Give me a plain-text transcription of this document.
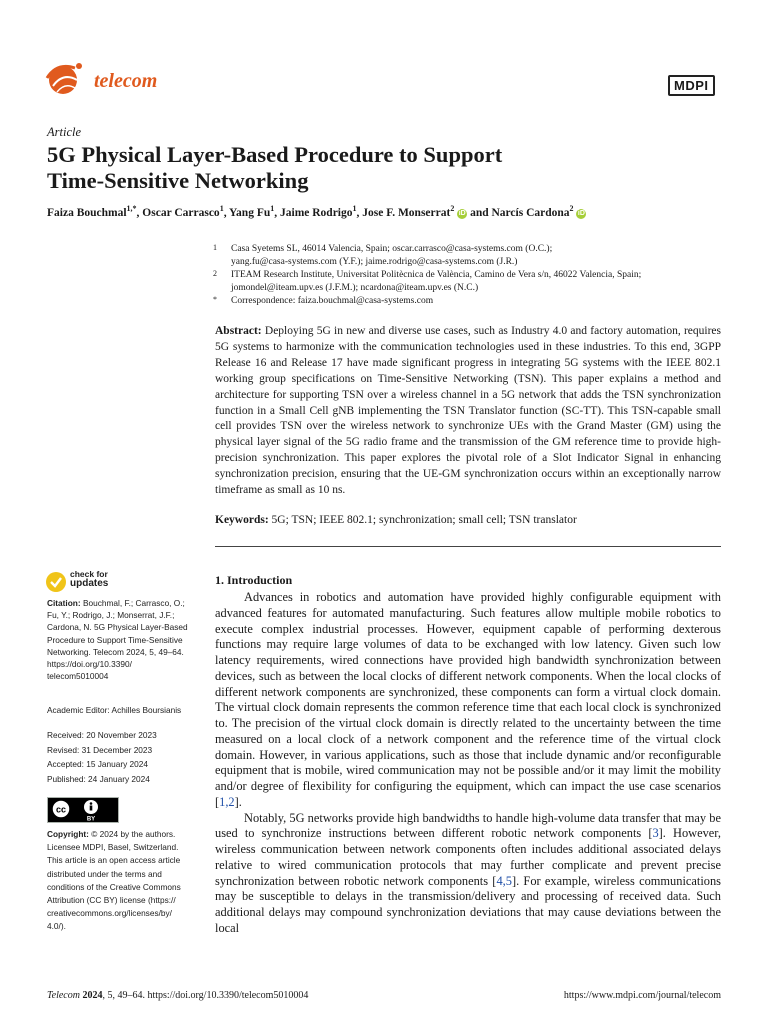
telecom	MDPI
Article
5G Physical Layer-Based Procedure to Support
Time-Sensitive Networking
Faiza Bouchmal$^{1,*}$, Oscar Carrasco$^1$, Yang Fu$^1$, Jaime Rodrigo$^1$, Jose F. Monserrat$^2$ iD and Narcís Cardona$^2$ iD
1	Casa Syetems SL, 46014 Valencia, Spain; oscar.carrasco@casa-systems.com (O.C.);
yang.fu@casa-systems.com (Y.F.); jaime.rodrigo@casa-systems.com (J.R.)
2	ITEAM Research Institute, Universitat Politècnica de València, Camino de Vera s/n, 46022 Valencia, Spain;
jomondel@iteam.upv.es (J.F.M.); ncardona@iteam.upv.es (N.C.)
*	Correspondence: faiza.bouchmal@casa-systems.com
Abstract: Deploying 5G in new and diverse use cases, such as Industry 4.0 and factory automation, requires 5G systems to harmonize with the communication technologies used in these industries. To this end, 3GPP Release 16 and Release 17 have made significant progress in integrating 5G systems with the IEEE 802.1 working group specifications on Time-Sensitive Networking (TSN). This paper explains a method and architecture for supporting TSN over a wireless channel in a 5G network that adds the TSN synchronization function in a Small Cell gNB implementing the TSN Translator function (SC-TT). This TSN-capable small cell provides TSN over the wireless network to synchronize UEs with the Grand Master (GM) using the physical layer signal of the 5G radio frame and the transmission of the GM reference time to provide high-precision synchronization. This paper explores the pivotal role of a Slot Indicator Signal in enhancing synchronization precision, ensuring that the UE-GM synchronization occurs within an exceptionally narrow timeframe as small as 10 ns.
Keywords: 5G; TSN; IEEE 802.1; synchronization; small cell; TSN translator
check for
updates
Citation: Bouchmal, F.; Carrasco, O.;
Fu, Y.; Rodrigo, J.; Monserrat, J.F.;
Cardona, N. 5G Physical Layer-Based
Procedure to Support Time-Sensitive
Networking. Telecom 2024, 5, 49–64.
https://doi.org/10.3390/
telecom5010004
Academic Editor: Achilles Boursianis
Received: 20 November 2023
Revised: 31 December 2023
Accepted: 15 January 2024
Published: 24 January 2024
cc
BY
Copyright: © 2024 by the authors.
Licensee MDPI, Basel, Switzerland.
This article is an open access article
distributed under the terms and
conditions of the Creative Commons
Attribution (CC BY) license (https://
creativecommons.org/licenses/by/
4.0/).
1. Introduction

Advances in robotics and automation have provided highly configurable equipment with advanced features for automated manufacturing. Such features allow multiple mobile robotics to execute complex industrial processes. However, equipment capable of performing dexterous functions may require large volumes of data to be exchanged with low latency. Given such low latency requirements, wired connections have provided high bandwidth synchronization between devices, such as between the local clocks of different network components. When the local clocks of different network components are synchronized, these components can form a virtual clock domain. The virtual clock domain represents the common reference time that each local clock is synchronized to. The precision of the virtual clock domain is directly related to the uncertainty between the time measured on a local clock of a network component and the reference time of the virtual clock domain. However, in various applications, such as those that include dynamic and/or reconfigurable equipment that is mobile, wired communication may not be possible and/or it may limit the mobility and/or degree of flexibility for configuring the equipment, which can impact the use case scenarios [1,2].

Notably, 5G networks provide high bandwidths to handle high-volume data transfer that may be used to synchronize instructions between different robotic network components [3]. However, wireless communication between network components often includes additional associated delays relative to wired communication protocols that may further complicate and prevent precise synchronization between robotic network components [4,5]. For example, wireless communications may be susceptible to delays in the transmission/delivery and processing of received data. Such additional delays may compound synchronization deviations that may cause deviations between the local

Telecom 2024, 5, 49–64. https://doi.org/10.3390/telecom5010004	https://www.mdpi.com/journal/telecom
